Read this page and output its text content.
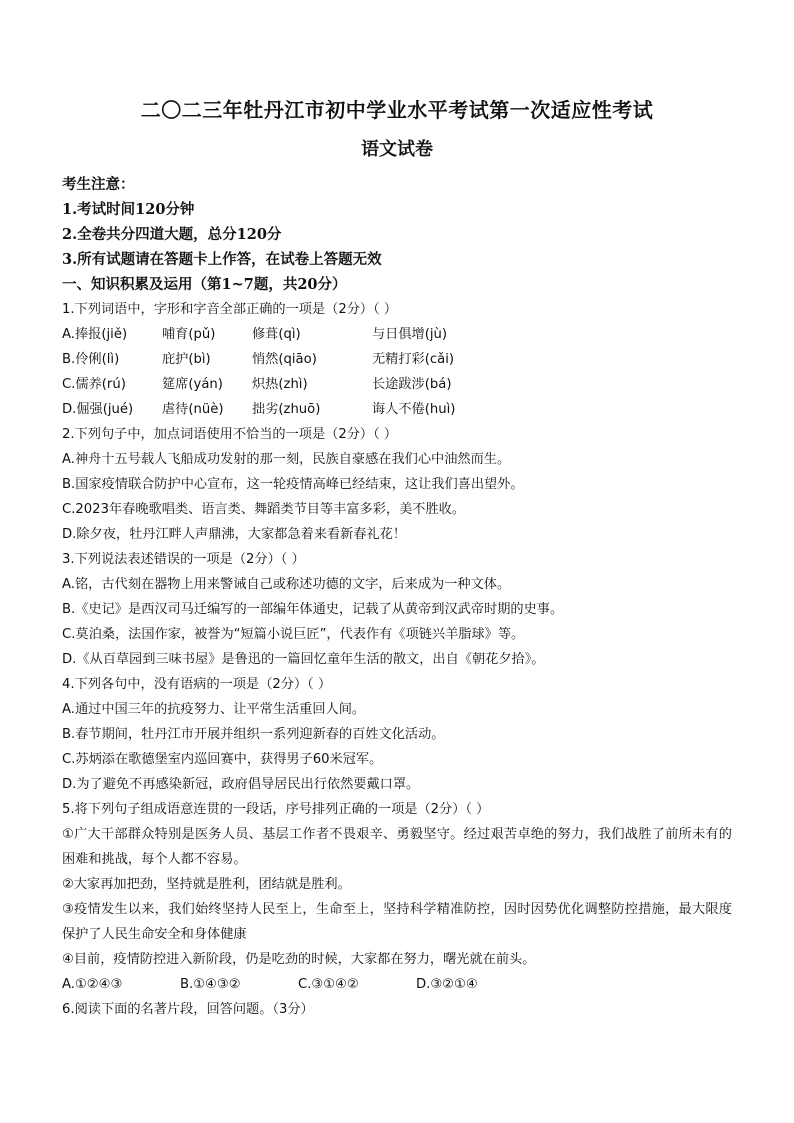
二〇二三年牡丹江市初中学业水平考试第一次适应性考试
语文试卷

考生注意：

1.考试时间120分钟

2.全卷共分四道大题，总分120分

3.所有试题请在答题卡上作答，在试卷上答题无效

一、知识积累及运用（第1~7题，共20分）

1.下列词语中，字形和字音全部正确的一项是（2分）（ ）

A.捧报(jiě)	哺育(pǔ)	修葺(qì)	与日俱增(jù)
B.伶俐(lì)	庇护(bì)	悄然(qiāo)	无精打彩(cǎi)
C.儒养(rú)	筵席(yán)	炽热(zhì)	长途跋涉(bá)
D.倔强(jué)	虐待(nüè)	拙劣(zhuō)	诲人不倦(huì)

2.下列句子中，加点词语使用不恰当的一项是（2分）（ ）

A.神舟十五号载人飞船成功发射的那一刻，民族自豪感在我们心中油然而生。

B.国家疫情联合防护中心宣布，这一轮疫情高峰已经结束，这让我们喜出望外。

C.2023年春晚歌唱类、语言类、舞蹈类节目等丰富多彩，美不胜收。

D.除夕夜，牡丹江畔人声鼎沸，大家都急着来看新春礼花！

3.下列说法表述错误的一项是（2分）（ ）

A.铭，古代刻在器物上用来警诫自己或称述功德的文字，后来成为一种文体。

B.《史记》是西汉司马迁编写的一部编年体通史，记载了从黄帝到汉武帝时期的史事。

C.莫泊桑，法国作家，被誉为“短篇小说巨匠”，代表作有《项链兴羊脂球》等。

D.《从百草园到三味书屋》是鲁迅的一篇回忆童年生活的散文，出自《朝花夕拾》。

4.下列各句中，没有语病的一项是（2分）（ ）

A.通过中国三年的抗疫努力、让平常生活重回人间。

B.春节期间，牡丹江市开展并组织一系列迎新春的百姓文化活动。

C.苏炳添在歌德堡室内巡回赛中，获得男子60米冠军。

D.为了避免不再感染新冠，政府倡导居民出行依然要戴口罩。

5.将下列句子组成语意连贯的一段话，序号排列正确的一项是（2分）（ ）

①广大干部群众特别是医务人员、基层工作者不畏艰辛、勇毅坚守。经过艰苦卓绝的努力，我们战胜了前所未有的困难和挑战，每个人都不容易。

②大家再加把劲，坚持就是胜利，团结就是胜利。

③疫情发生以来，我们始终坚持人民至上，生命至上，坚持科学精准防控，因时因势优化调整防控措施，最大限度保护了人民生命安全和身体健康

④目前，疫情防控进入新阶段，仍是吃劲的时候，大家都在努力，曙光就在前头。

A.①②④③	B.①④③②	C.③①④②	D.③②①④

6.阅读下面的名著片段，回答问题。（3分）
